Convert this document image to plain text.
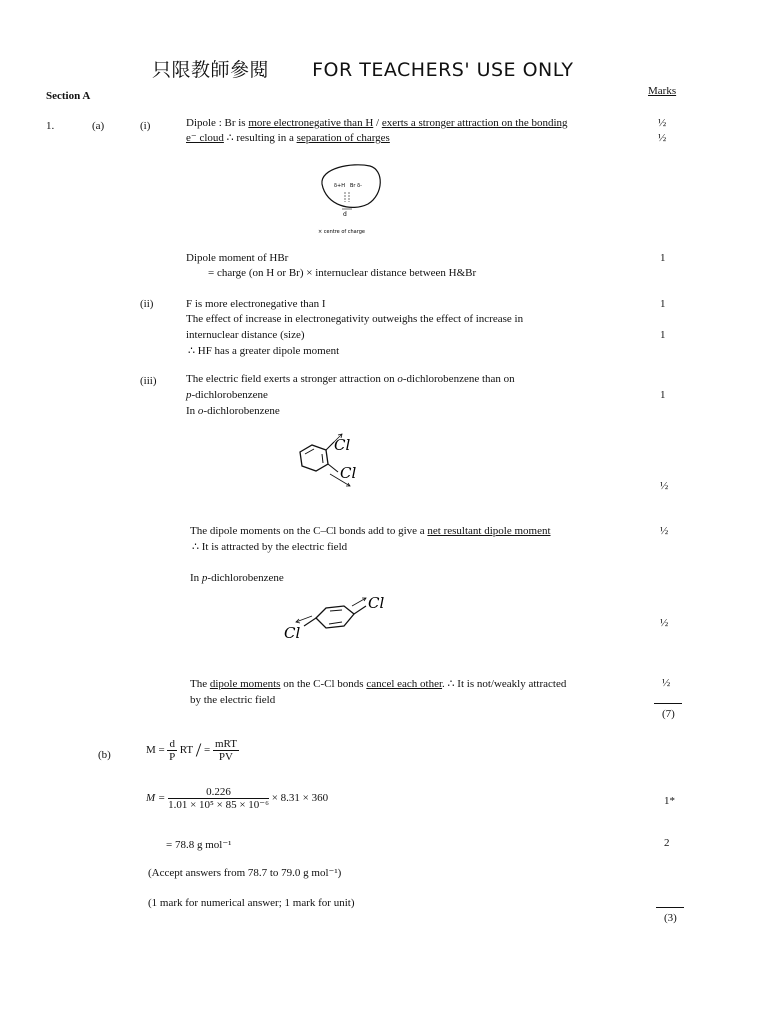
只限教師參閱 FOR TEACHERS' USE ONLY
Section A	Marks
1.	(a)	(i)	Dipole : Br is more electronegative than H / exerts a stronger attraction on the bonding
e⁻ cloud ∴ resulting in a separation of charges
½
½
δ+H Br δ-
d
× centre of charge
Dipole moment of HBr
= charge (on H or Br) × internuclear distance between H&Br
1
(ii)	F is more electronegative than I
The effect of increase in electronegativity outweighs the effect of increase in
internuclear distance (size)
∴ HF has a greater dipole moment
1
1
(iii)	The electric field exerts a stronger attraction on o-dichlorobenzene than on
p-dichlorobenzene
In o-dichlorobenzene
1
Cl
Cl
½
The dipole moments on the C–Cl bonds add to give a net resultant dipole moment	½
∴ It is attracted by the electric field
In p-dichlorobenzene
Cl
Cl
½
The dipole moments on the C-Cl bonds cancel each other. ∴ It is not/weakly attracted
by the electric field
½
(7)
(b)	$M = \frac{d}{P}$ RT / = $\frac{\text{mRT}}{PV}$
$M = \frac{0.226}{\text{1.01 × 10⁵ × 85 × 10⁻⁶}} \times 8.31 \times 360$	1*
= 78.8 g mol⁻¹	2
(Accept answers from 78.7 to 79.0 g mol⁻¹)
(1 mark for numerical answer; 1 mark for unit)
(3)
